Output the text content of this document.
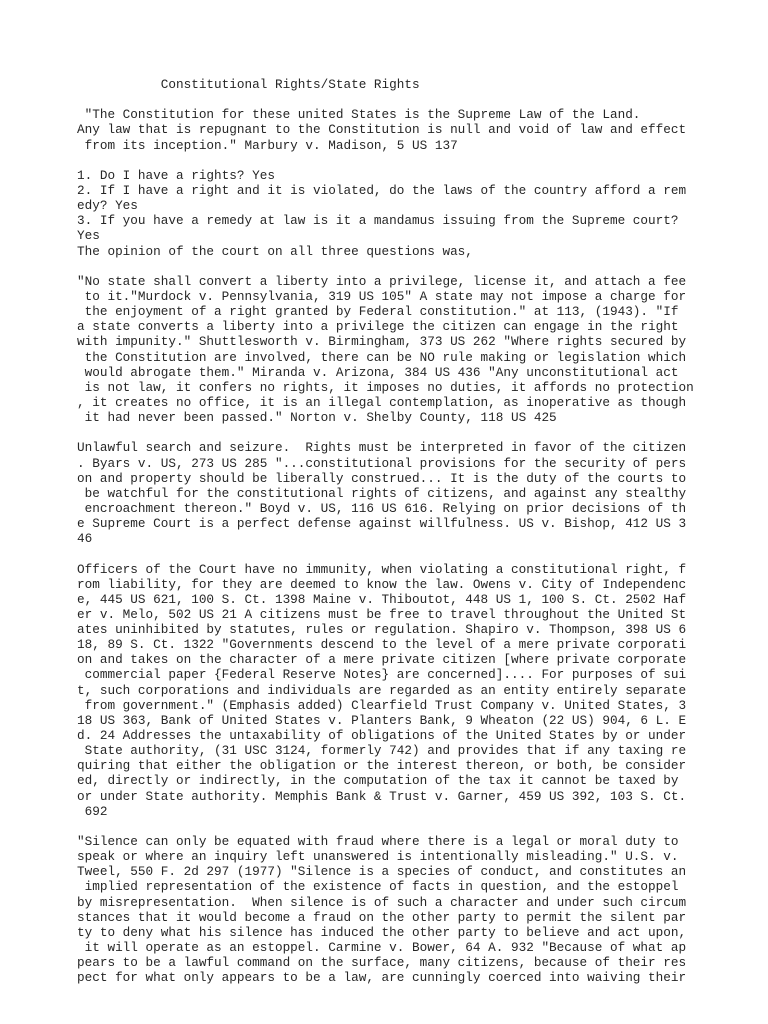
Constitutional Rights/State Rights

"The Constitution for these united States is the Supreme Law of the Land.
Any law that is repugnant to the Constitution is null and void of law and effect
from its inception." Marbury v. Madison, 5 US 137

1. Do I have a rights? Yes
2. If I have a right and it is violated, do the laws of the country afford a rem
edy? Yes
3. If you have a remedy at law is it a mandamus issuing from the Supreme court?
Yes
The opinion of the court on all three questions was,

"No state shall convert a liberty into a privilege, license it, and attach a fee
to it."Murdock v. Pennsylvania, 319 US 105" A state may not impose a charge for
the enjoyment of a right granted by Federal constitution." at 113, (1943). "If
a state converts a liberty into a privilege the citizen can engage in the right
with impunity." Shuttlesworth v. Birmingham, 373 US 262 "Where rights secured by
the Constitution are involved, there can be NO rule making or legislation which
would abrogate them." Miranda v. Arizona, 384 US 436 "Any unconstitutional act
is not law, it confers no rights, it imposes no duties, it affords no protection
, it creates no office, it is an illegal contemplation, as inoperative as though
it had never been passed." Norton v. Shelby County, 118 US 425

Unlawful search and seizure.  Rights must be interpreted in favor of the citizen
. Byars v. US, 273 US 285 "...constitutional provisions for the security of pers
on and property should be liberally construed... It is the duty of the courts to
be watchful for the constitutional rights of citizens, and against any stealthy
encroachment thereon." Boyd v. US, 116 US 616. Relying on prior decisions of th
e Supreme Court is a perfect defense against willfulness. US v. Bishop, 412 US 3
46

Officers of the Court have no immunity, when violating a constitutional right, f
rom liability, for they are deemed to know the law. Owens v. City of Independenc
e, 445 US 621, 100 S. Ct. 1398 Maine v. Thiboutot, 448 US 1, 100 S. Ct. 2502 Haf
er v. Melo, 502 US 21 A citizens must be free to travel throughout the United St
ates uninhibited by statutes, rules or regulation. Shapiro v. Thompson, 398 US 6
18, 89 S. Ct. 1322 "Governments descend to the level of a mere private corporati
on and takes on the character of a mere private citizen [where private corporate
commercial paper {Federal Reserve Notes} are concerned].... For purposes of sui
t, such corporations and individuals are regarded as an entity entirely separate
from government." (Emphasis added) Clearfield Trust Company v. United States, 3
18 US 363, Bank of United States v. Planters Bank, 9 Wheaton (22 US) 904, 6 L. E
d. 24 Addresses the untaxability of obligations of the United States by or under
State authority, (31 USC 3124, formerly 742) and provides that if any taxing re
quiring that either the obligation or the interest thereon, or both, be consider
ed, directly or indirectly, in the computation of the tax it cannot be taxed by
or under State authority. Memphis Bank & Trust v. Garner, 459 US 392, 103 S. Ct.
692

"Silence can only be equated with fraud where there is a legal or moral duty to
speak or where an inquiry left unanswered is intentionally misleading." U.S. v.
Tweel, 550 F. 2d 297 (1977) "Silence is a species of conduct, and constitutes an
implied representation of the existence of facts in question, and the estoppel
by misrepresentation.  When silence is of such a character and under such circum
stances that it would become a fraud on the other party to permit the silent par
ty to deny what his silence has induced the other party to believe and act upon,
it will operate as an estoppel. Carmine v. Bower, 64 A. 932 "Because of what ap
pears to be a lawful command on the surface, many citizens, because of their res
pect for what only appears to be a law, are cunningly coerced into waiving their
